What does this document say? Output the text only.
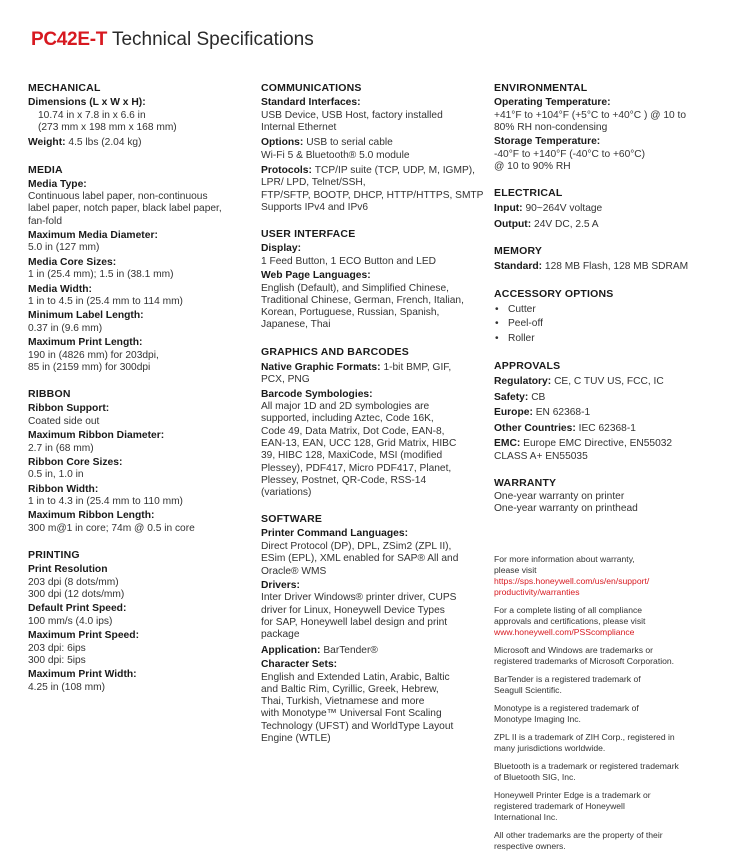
PC42E-T Technical Specifications
MECHANICAL
Dimensions (L x W x H):
10.74 in x 7.8 in x 6.6 in
(273 mm x 198 mm x 168 mm)
Weight: 4.5 lbs (2.04 kg)
MEDIA
Media Type:
Continuous label paper, non-continuous
label paper, notch paper, black label paper,
fan-fold
Maximum Media Diameter:
5.0 in (127 mm)
Media Core Sizes:
1 in (25.4 mm); 1.5 in (38.1 mm)
Media Width:
1 in to 4.5 in (25.4 mm to 114 mm)
Minimum Label Length:
0.37 in (9.6 mm)
Maximum Print Length:
190 in (4826 mm) for 203dpi,
85 in (2159 mm) for 300dpi
RIBBON
Ribbon Support:
Coated side out
Maximum Ribbon Diameter:
2.7 in (68 mm)
Ribbon Core Sizes:
0.5 in, 1.0 in
Ribbon Width:
1 in to 4.3 in (25.4 mm to 110 mm)
Maximum Ribbon Length:
300 m@1 in core; 74m @ 0.5 in core
PRINTING
Print Resolution
203 dpi (8 dots/mm)
300 dpi (12 dots/mm)
Default Print Speed:
100 mm/s (4.0 ips)
Maximum Print Speed:
203 dpi: 6ips
300 dpi: 5ips
Maximum Print Width:
4.25 in (108 mm)
COMMUNICATIONS
Standard Interfaces:
USB Device, USB Host, factory installed
Internal Ethernet
Options: USB to serial cable
Wi-Fi 5 & Bluetooth® 5.0 module
Protocols: TCP/IP suite (TCP, UDP, M, IGMP),
LPR/ LPD, Telnet/SSH,
FTP/SFTP, BOOTP, DHCP, HTTP/HTTPS, SMTP
Supports IPv4 and IPv6
USER INTERFACE
Display:
1 Feed Button, 1 ECO Button and LED
Web Page Languages:
English (Default), and Simplified Chinese,
Traditional Chinese, German, French, Italian,
Korean, Portuguese, Russian, Spanish,
Japanese, Thai
GRAPHICS AND BARCODES
Native Graphic Formats: 1-bit BMP, GIF,
PCX, PNG
Barcode Symbologies:
All major 1D and 2D symbologies are
supported, including Aztec, Code 16K,
Code 49, Data Matrix, Dot Code, EAN-8,
EAN-13, EAN, UCC 128, Grid Matrix, HIBC
39, HIBC 128, MaxiCode, MSI (modified
Plessey), PDF417, Micro PDF417, Planet,
Plessey, Postnet, QR-Code, RSS-14
(variations)
SOFTWARE
Printer Command Languages:
Direct Protocol (DP), DPL, ZSim2 (ZPL II),
ESim (EPL), XML enabled for SAP® All and
Oracle® WMS
Drivers:
Inter Driver Windows® printer driver, CUPS
driver for Linux, Honeywell Device Types
for SAP, Honeywell label design and print
package
Application: BarTender®
Character Sets:
English and Extended Latin, Arabic, Baltic
and Baltic Rim, Cyrillic, Greek, Hebrew,
Thai, Turkish, Vietnamese and more
with Monotype™ Universal Font Scaling
Technology (UFST) and WorldType Layout
Engine (WTLE)
ENVIRONMENTAL
Operating Temperature:
+41°F to +104°F (+5°C to +40°C ) @ 10 to
80% RH non-condensing
Storage Temperature:
-40°F to +140°F (-40°C to +60°C)
@ 10 to 90% RH
ELECTRICAL
Input: 90~264V voltage
Output: 24V DC, 2.5 A
MEMORY
Standard: 128 MB Flash, 128 MB SDRAM
ACCESSORY OPTIONS
• Cutter
• Peel-off
• Roller
APPROVALS
Regulatory: CE, C TUV US, FCC, IC
Safety: CB
Europe: EN 62368-1
Other Countries: IEC 62368-1
EMC: Europe EMC Directive, EN55032
CLASS A+ EN55035
WARRANTY
One-year warranty on printer
One-year warranty on printhead
For more information about warranty,
please visit
https://sps.honeywell.com/us/en/support/
productivity/warranties
For a complete listing of all compliance
approvals and certifications, please visit
www.honeywell.com/PSScompliance
Microsoft and Windows are trademarks or
registered trademarks of Microsoft Corporation.
BarTender is a registered trademark of
Seagull Scientific.
Monotype is a registered trademark of
Monotype Imaging Inc.
ZPL II is a trademark of ZIH Corp., registered in
many jurisdictions worldwide.
Bluetooth is a trademark or registered trademark
of Bluetooth SIG, Inc.
Honeywell Printer Edge is a trademark or
registered trademark of Honeywell
International Inc.
All other trademarks are the property of their
respective owners.
